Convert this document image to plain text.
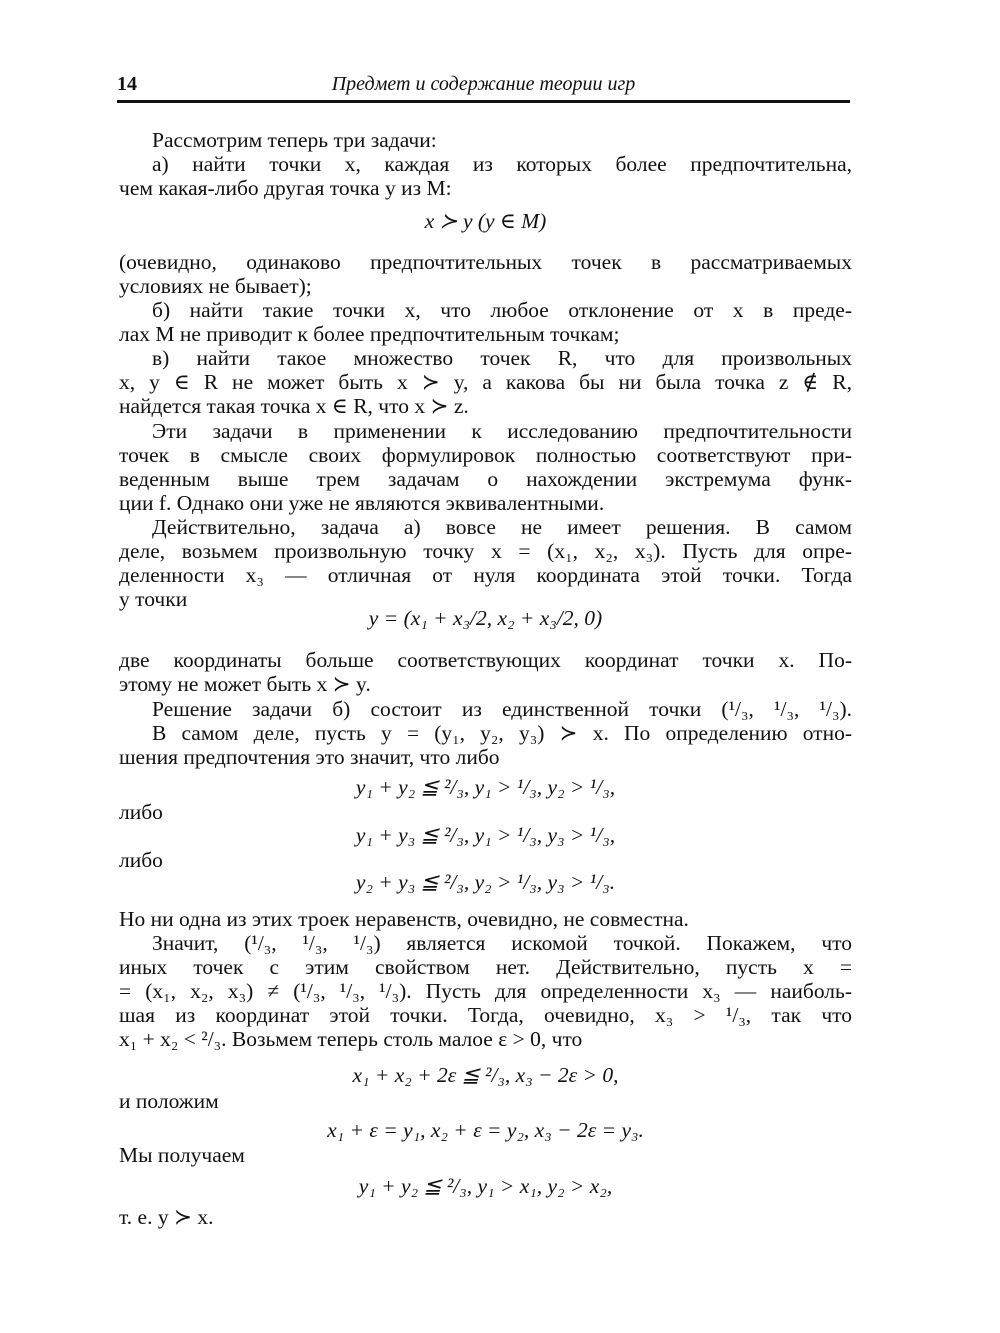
14	Предмет и содержание теории игр
Рассмотрим теперь три задачи:
а) найти точки x, каждая из которых более предпочтительна,
чем какая-либо другая точка y из M:
x ≻ y (y ∈ M)
(очевидно, одинаково предпочтительных точек в рассматриваемых
условиях не бывает);
б) найти такие точки x, что любое отклонение от x в преде-
лах M не приводит к более предпочтительным точкам;
в) найти такое множество точек R, что для произвольных
x, y ∈ R не может быть x ≻ y, а какова бы ни была точка z ∉ R,
найдется такая точка x ∈ R, что x ≻ z.
Эти задачи в применении к исследованию предпочтительности
точек в смысле своих формулировок полностью соответствуют при-
веденным выше трем задачам о нахождении экстремума функ-
ции f. Однако они уже не являются эквивалентными.
Действительно, задача а) вовсе не имеет решения. В самом
деле, возьмем произвольную точку x = (x₁, x₂, x₃). Пусть для опре-
деленности x₃ — отличная от нуля координата этой точки. Тогда
у точки
y = (x₁ + x₃/2, x₂ + x₃/2, 0)
две координаты больше соответствующих координат точки x. По-
этому не может быть x ≻ y.
Решение задачи б) состоит из единственной точки (¹/₃, ¹/₃, ¹/₃).
В самом деле, пусть y = (y₁, y₂, y₃) ≻ x. По определению отно-
шения предпочтения это значит, что либо
y₁ + y₂ ≦ ²/₃, y₁ > ¹/₃, y₂ > ¹/₃,
либо
y₁ + y₃ ≦ ²/₃, y₁ > ¹/₃, y₃ > ¹/₃,
либо
y₂ + y₃ ≦ ²/₃, y₂ > ¹/₃, y₃ > ¹/₃.
Но ни одна из этих троек неравенств, очевидно, не совместна.
Значит, (¹/₃, ¹/₃, ¹/₃) является искомой точкой. Покажем, что
иных точек с этим свойством нет. Действительно, пусть x =
= (x₁, x₂, x₃) ≠ (¹/₃, ¹/₃, ¹/₃). Пусть для определенности x₃ — наиболь-
шая из координат этой точки. Тогда, очевидно, x₃ > ¹/₃, так что
x₁ + x₂ < ²/₃. Возьмем теперь столь малое ε > 0, что
x₁ + x₂ + 2ε ≦ ²/₃, x₃ − 2ε > 0,
и положим
x₁ + ε = y₁, x₂ + ε = y₂, x₃ − 2ε = y₃.
Мы получаем
y₁ + y₂ ≦ ²/₃, y₁ > x₁, y₂ > x₂,
т. е. y ≻ x.
